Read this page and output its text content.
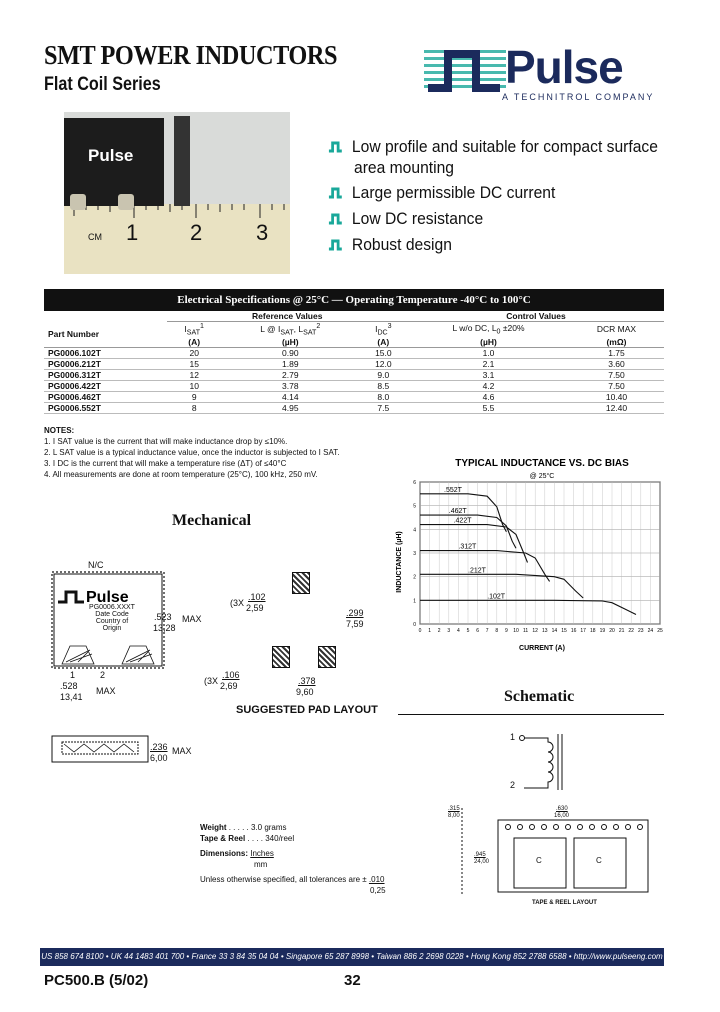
SMT POWER INDUCTORS
Flat Coil Series	Pulse
A TECHNITROL COMPANY
CM 1 2 3
Pulse	Low profile and suitable for compact surface
area mounting
Large permissible DC current
Low DC resistance
Robust design
Electrical Specifications @ 25°C — Operating Temperature -40°C to 100°C					
	Reference Values			Control Values	
Part Number	$I_{SAT}^1$	L @ $I_{SAT}$, $L_{SAT}^2$	$I_{DC}^3$	L w/o DC, $L_0 \pm 20\%$	DCR MAX
	(A)	(µH)	(A)	(µH)	(mΩ)
PG0006.102T	20	0.90	15.0	1.0	1.75
PG0006.212T	15	1.89	12.0	2.1	3.60
PG0006.312T	12	2.79	9.0	3.1	7.50
PG0006.422T	10	3.78	8.5	4.2	7.50
PG0006.462T	9	4.14	8.0	4.6	10.40
PG0006.552T	8	4.95	7.5	5.5	12.40
NOTES:
1. I SAT value is the current that will make inductance drop by ≤10%.
2. L SAT value is a typical inductance value, once the inductor is subjected to I SAT.
3. I DC is the current that will make a temperature rise (ΔT) of ≤40°C
4. All measurements are done at room temperature (25°C), 100 kHz, 250 mV.
Mechanical
N/C
Pulse
PG0006.XXXT
Date Code
Country of Origin
1	2
.523
13,28
MAX
.528
13,41
MAX
(3X
.102
2,59	.299
7,59
(3X
.106
2,69	.378
9,60
SUGGESTED PAD LAYOUT
.236
6,00
MAX
Weight . . . . . 3.0 grams
Tape & Reel . . . . 340/reel
Dimensions: Inches
mm
Unless otherwise specified, all tolerances are ± .010
0,25
TYPICAL INDUCTANCE VS. DC BIAS
@ 25°C
INDUCTANCE (µH)
CURRENT (A)
0
1
2
3
4
5
6
0 1 2 3 4 5 6 7 8 9 10 11 12 13 14 15 16 17 18 19 20 21 22 23 24 25
.552T
.462T
.422T
.312T
.212T
.102T
Schematic
1
2
C	C
.630
16,00
.945
24,00
.315
8,00
TAPE & REEL LAYOUT
US 858 674 8100 • UK 44 1483 401 700 • France 33 3 84 35 04 04 • Singapore 65 287 8998 • Taiwan 886 2 2698 0228 • Hong Kong 852 2788 6588 • http://www.pulseeng.com
PC500.B (5/02)	32
